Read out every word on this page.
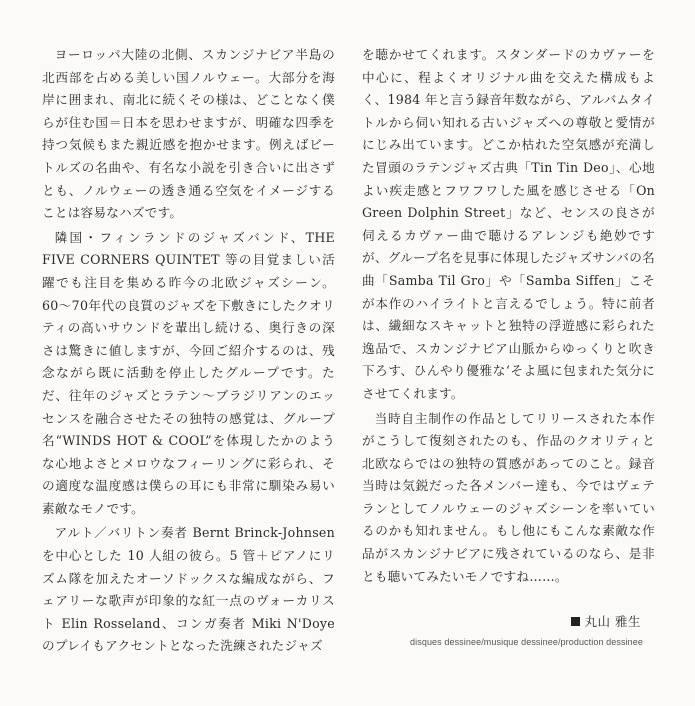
ヨーロッパ大陸の北側、スカンジナビア半島の北西部を占める美しい国ノルウェー。大部分を海岸に囲まれ、南北に続くその様は、どことなく僕らが住む国＝日本を思わせますが、明確な四季を持つ気候もまた親近感を抱かせます。例えばビートルズの名曲や、有名な小説を引き合いに出さずとも、ノルウェーの透き通る空気をイメージすることは容易なハズです。

隣国・フィンランドのジャズバンド、THE FIVE CORNERS QUINTET 等の目覚ましい活躍でも注目を集める昨今の北欧ジャズシーン。60〜70年代の良質のジャズを下敷きにしたクオリティの高いサウンドを輩出し続ける、奥行きの深さは驚きに値しますが、今回ご紹介するのは、残念ながら既に活動を停止したグループです。ただ、往年のジャズとラテン〜ブラジリアンのエッセンスを融合させたその独特の感覚は、グループ名“WINDS HOT & COOL”を体現したかのような心地よさとメロウなフィーリングに彩られ、その適度な温度感は僕らの耳にも非常に馴染み易い素敵なモノです。

アルト／バリトン奏者 Bernt Brinck-Johnsen を中心とした 10 人組の彼ら。5 管＋ピアノにリズム隊を加えたオーソドックスな編成ながら、フェアリーな歌声が印象的な紅一点のヴォーカリスト Elin Rosseland、コンガ奏者 Miki N'Doye のプレイもアクセントとなった洗練されたジャズ

を聴かせてくれます。スタンダードのカヴァーを中心に、程よくオリジナル曲を交えた構成もよく、1984 年と言う録音年数ながら、アルバムタイトルから伺い知れる古いジャズへの尊敬と愛情がにじみ出ています。どこか枯れた空気感が充満した冒頭のラテンジャズ古典「Tin Tin Deo」、心地よい疾走感とフワフワした風を感じさせる「On Green Dolphin Street」など、センスの良さが伺えるカヴァー曲で聴けるアレンジも絶妙ですが、グループ名を見事に体現したジャズサンバの名曲「Samba Til Gro」や「Samba Siffen」こそが本作のハイライトと言えるでしょう。特に前者は、繊細なスキャットと独特の浮遊感に彩られた逸品で、スカンジナビア山脈からゆっくりと吹き下ろす、ひんやり優雅な‘そよ風に包まれた気分にさせてくれます。

当時自主制作の作品としてリリースされた本作がこうして復刻されたのも、作品のクオリティと北欧ならではの独特の質感があってのこと。録音当時は気鋭だった各メンバー達も、今ではヴェテランとしてノルウェーのジャズシーンを率いているのかも知れません。もし他にもこんな素敵な作品がスカンジナビアに残されているのなら、是非とも聴いてみたいモノですね……。

丸山 雅生
disques dessinee/musique dessinee/production dessinee
